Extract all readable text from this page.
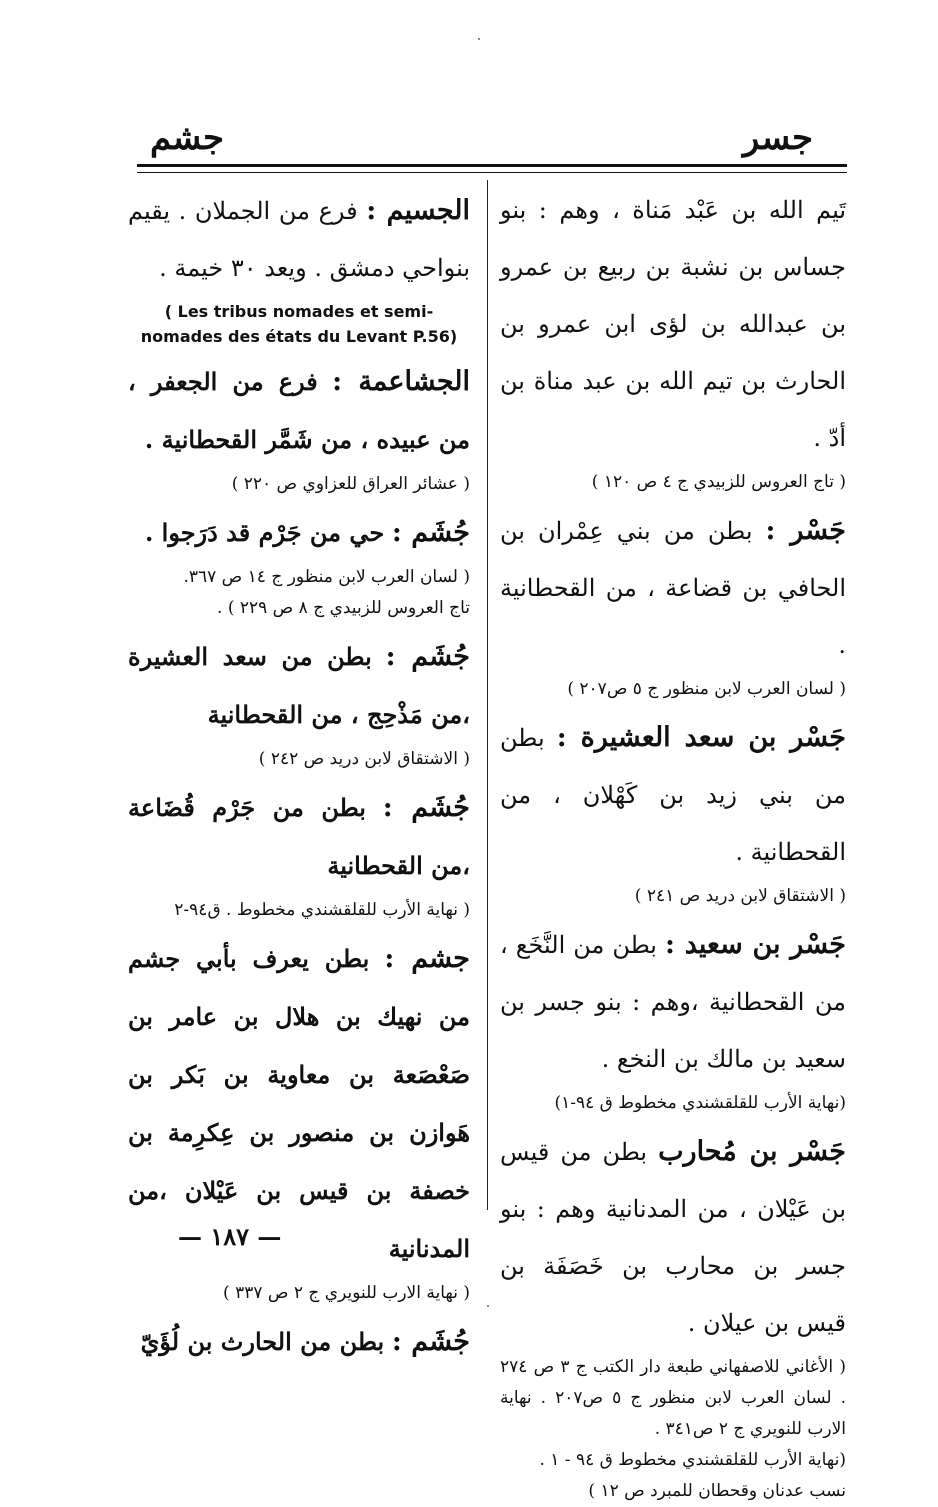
جشم	جسر

تَيم الله بن عَبْد مَناة ، وهم : بنو جساس بن نشبة بن ربيع بن عمرو بن عبدالله بن لؤى ابن عمرو بن الحارث بن تيم الله بن عبد مناة بن أدّ .

( تاج العروس للزبيدي ج ٤ ص ١٢٠ )

جَسْر : بطن من بني عِمْران بن الحافي بن قضاعة ، من القحطانية .

( لسان العرب لابن منظور ج ٥ ص٢٠٧ )

جَسْر بن سعد العشيرة : بطن من بني زيد بن كَهْلان ، من القحطانية .

( الاشتقاق لابن دريد ص ٢٤١ )

جَسْر بن سعيد : بطن من النَّخَع ، من القحطانية ،وهم : بنو جسر بن سعيد بن مالك بن النخع .

(نهاية الأرب للقلقشندي مخطوط ق ٩٤-١)

جَسْر بن مُحارب بطن من قيس بن عَيْلان ، من المدنانية وهم : بنو جسر بن محارب بن خَصَفَة بن قيس بن عيلان .

( الأغاني للاصفهاني طبعة دار الكتب ج ٣ ص ٢٧٤ . لسان العرب لابن منظور ج ٥ ص٢٠٧ . نهاية الارب للنويري ج ٢ ص٣٤١ .

(نهاية الأرب للقلقشندي مخطوط ق ٩٤ - ١ .

نسب عدنان وقحطان للمبرد ص ١٢ )

الجسيم : فرع من الجملان . يقيم بنواحي دمشق . ويعد ٣٠ خيمة .

( Les tribus nomades et semi-nomades des états du Levant P.56)

الجشاعمة : فرع من الجعفر ، من عبيده ، من شَمَّر القحطانية .

( عشائر العراق للعزاوي ص ٢٢٠ )

جُشَم : حي من جَرْم قد دَرَجوا .

( لسان العرب لابن منظور ج ١٤ ص ٣٦٧.

تاج العروس للزبيدي ج ٨ ص ٢٢٩ ) .

جُشَم : بطن من سعد العشيرة ،من مَذْحِج ، من القحطانية

( الاشتقاق لابن دريد ص ٢٤٢ )

جُشَم : بطن من جَرْم قُضَاعة ،من القحطانية

( نهاية الأرب للقلقشندي مخطوط . ق٩٤-٢

جشم : بطن يعرف بأبي جشم من نهيك بن هلال بن عامر بن صَعْصَعة بن معاوية بن بَكر بن هَوازن بن منصور بن عِكرِمة بن خصفة بن قيس بن عَيْلان ،من المدنانية

( نهاية الارب للنويري ج ٢ ص ٣٣٧ )

جُشَم : بطن من الحارث بن لُؤَيّ

— ١٨٧ —
